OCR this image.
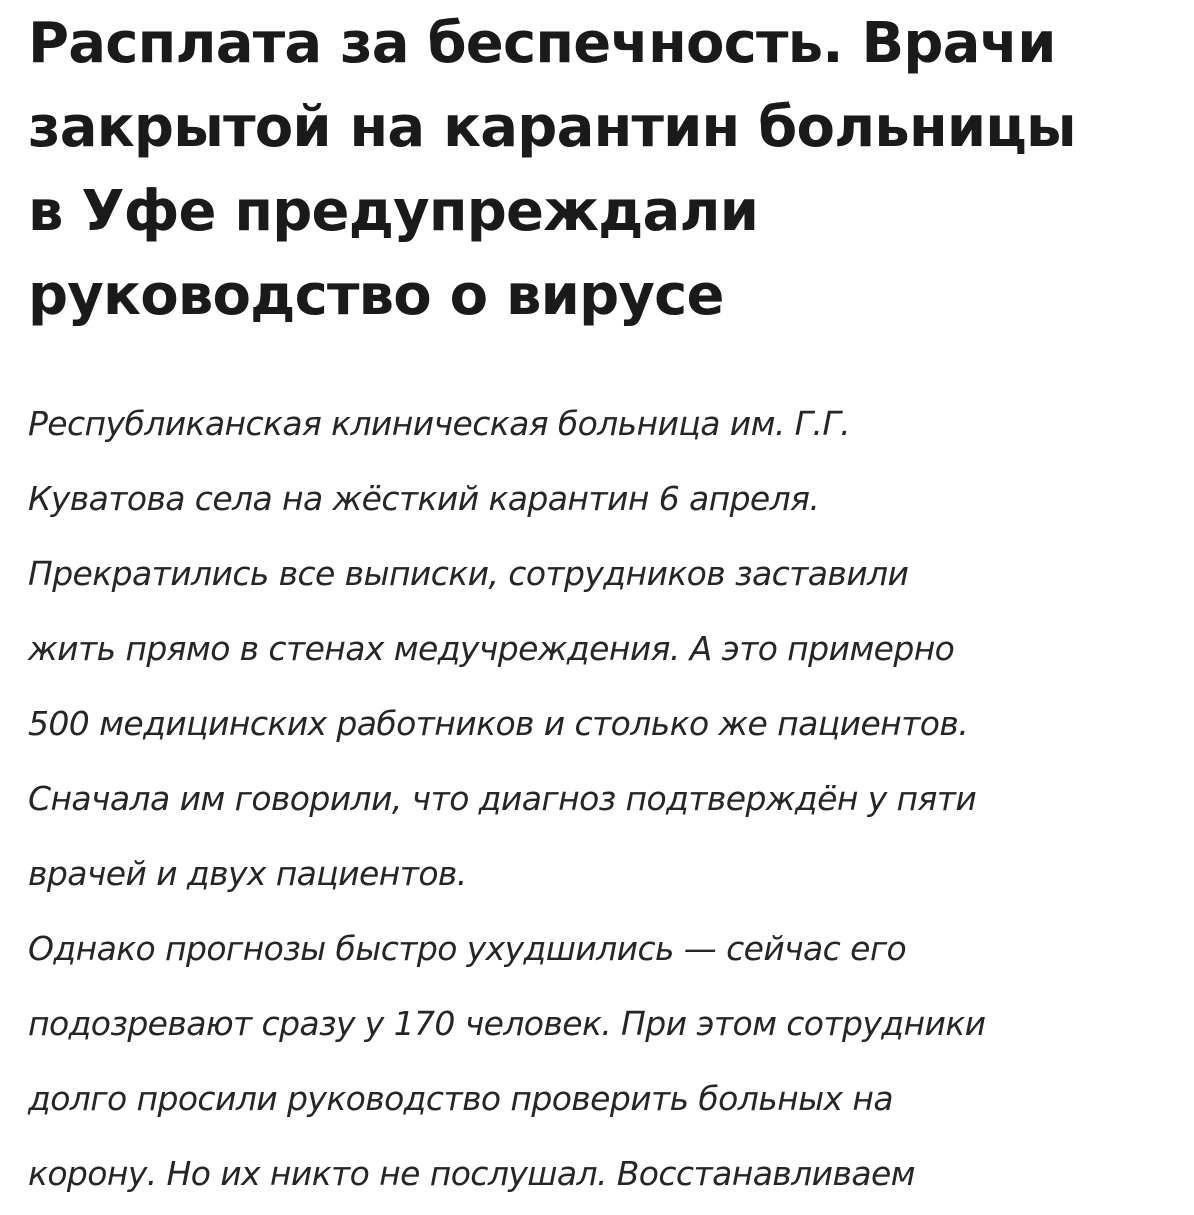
Расплата за беспечность. Врачи
закрытой на карантин больницы
в Уфе предупреждали
руководство о вирусе
Республиканская клиническая больница им. Г.Г.
Куватова села на жёсткий карантин 6 апреля.
Прекратились все выписки, сотрудников заставили
жить прямо в стенах медучреждения. А это примерно
500 медицинских работников и столько же пациентов.
Сначала им говорили, что диагноз подтверждён у пяти
врачей и двух пациентов.
Однако прогнозы быстро ухудшились — сейчас его
подозревают сразу у 170 человек. При этом сотрудники
долго просили руководство проверить больных на
корону. Но их никто не послушал. Восстанавливаем
